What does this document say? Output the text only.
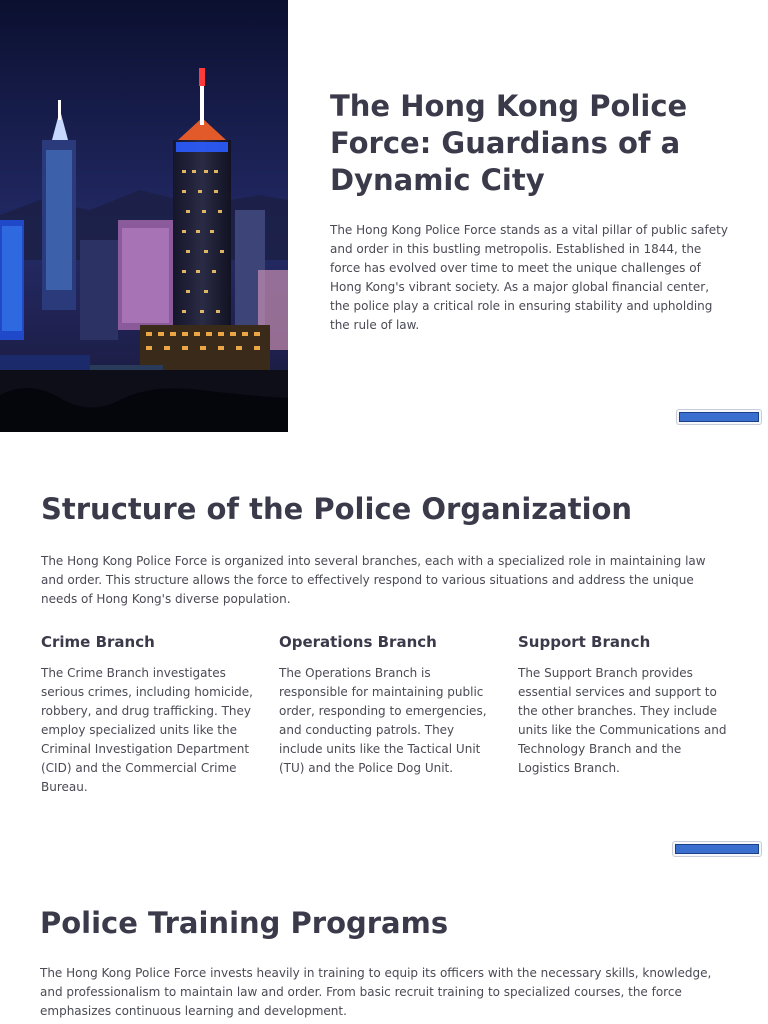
The Hong Kong Police Force: Guardians of a Dynamic City

The Hong Kong Police Force stands as a vital pillar of public safety and order in this bustling metropolis. Established in 1844, the force has evolved over time to meet the unique challenges of Hong Kong's vibrant society. As a major global financial center, the police play a critical role in ensuring stability and upholding the rule of law.

Structure of the Police Organization

The Hong Kong Police Force is organized into several branches, each with a specialized role in maintaining law and order. This structure allows the force to effectively respond to various situations and address the unique needs of Hong Kong's diverse population.

Crime Branch

The Crime Branch investigates serious crimes, including homicide, robbery, and drug trafficking. They employ specialized units like the Criminal Investigation Department (CID) and the Commercial Crime Bureau.

Operations Branch

The Operations Branch is responsible for maintaining public order, responding to emergencies, and conducting patrols. They include units like the Tactical Unit (TU) and the Police Dog Unit.

Support Branch

The Support Branch provides essential services and support to the other branches. They include units like the Communications and Technology Branch and the Logistics Branch.

Police Training Programs

The Hong Kong Police Force invests heavily in training to equip its officers with the necessary skills, knowledge, and professionalism to maintain law and order. From basic recruit training to specialized courses, the force emphasizes continuous learning and development.
